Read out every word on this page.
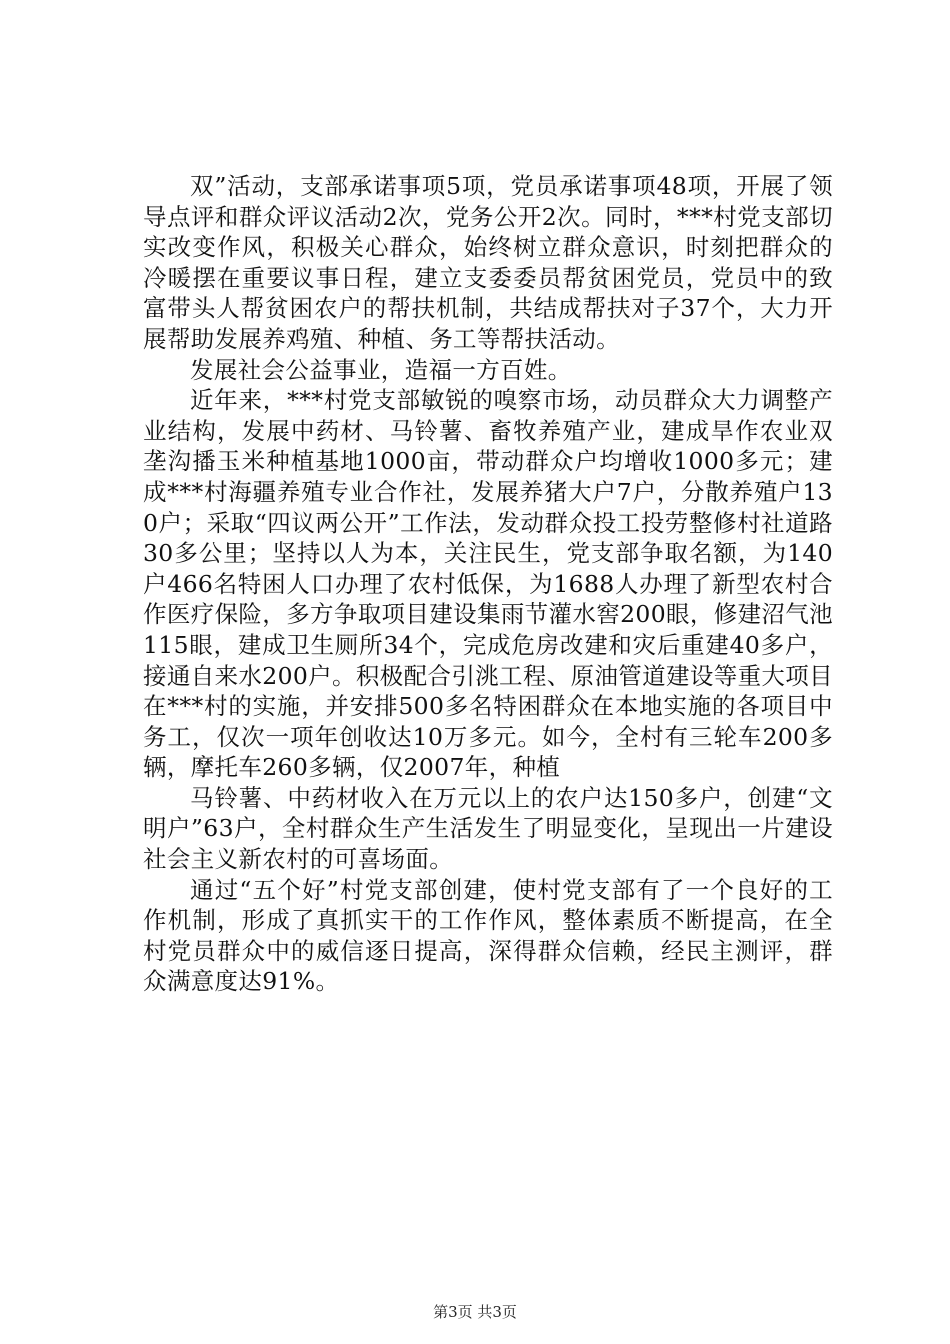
双”活动，支部承诺事项5项，党员承诺事项48项，开展了领导点评和群众评议活动2次，党务公开2次。同时，***村党支部切实改变作风，积极关心群众，始终树立群众意识，时刻把群众的冷暖摆在重要议事日程，建立支委委员帮贫困党员，党员中的致富带头人帮贫困农户的帮扶机制，共结成帮扶对子37个，大力开展帮助发展养鸡殖、种植、务工等帮扶活动。

发展社会公益事业，造福一方百姓。

近年来，***村党支部敏锐的嗅察市场，动员群众大力调整产业结构，发展中药材、马铃薯、畜牧养殖产业，建成旱作农业双垄沟播玉米种植基地1000亩，带动群众户均增收1000多元；建成***村海疆养殖专业合作社，发展养猪大户7户，分散养殖户130户；采取“四议两公开”工作法，发动群众投工投劳整修村社道路30多公里；坚持以人为本，关注民生，党支部争取名额，为140户466名特困人口办理了农村低保，为1688人办理了新型农村合作医疗保险，多方争取项目建设集雨节灌水窖200眼，修建沼气池115眼，建成卫生厕所34个，完成危房改建和灾后重建40多户，接通自来水200户。积极配合引洮工程、原油管道建设等重大项目在***村的实施，并安排500多名特困群众在本地实施的各项目中务工，仅次一项年创收达10万多元。如今，全村有三轮车200多辆，摩托车260多辆，仅2007年，种植

马铃薯、中药材收入在万元以上的农户达150多户，创建“文明户”63户，全村群众生产生活发生了明显变化，呈现出一片建设社会主义新农村的可喜场面。

通过“五个好”村党支部创建，使村党支部有了一个良好的工作机制，形成了真抓实干的工作作风，整体素质不断提高，在全村党员群众中的威信逐日提高，深得群众信赖，经民主测评，群众满意度达91%。

第3页 共3页
